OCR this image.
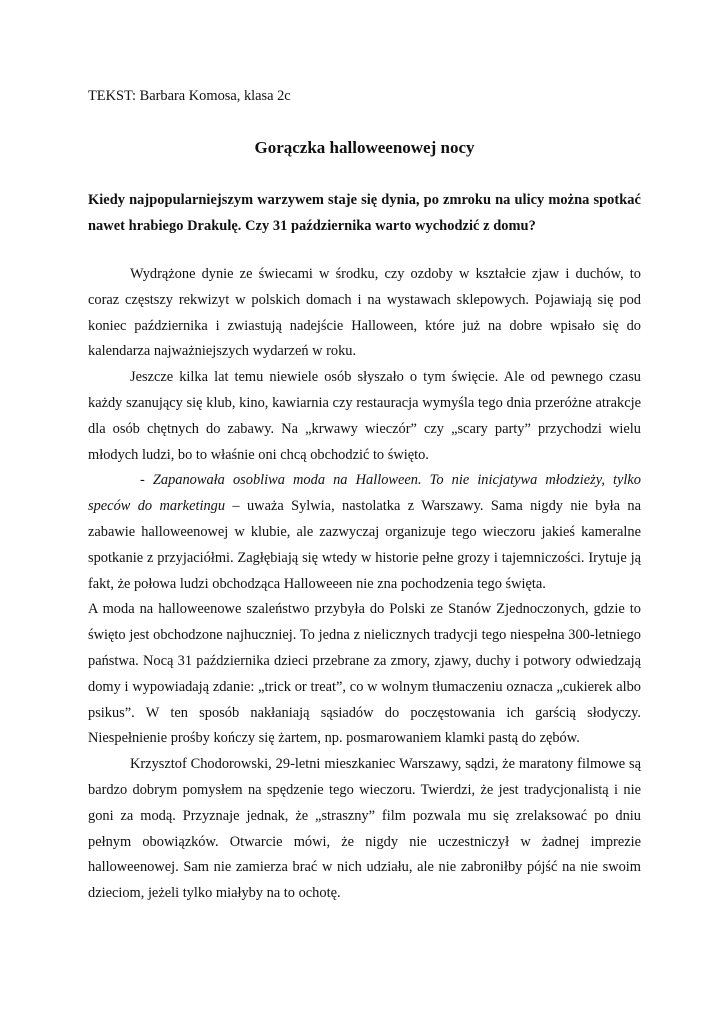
TEKST: Barbara Komosa, klasa 2c

Gorączka halloweenowej nocy

Kiedy najpopularniejszym warzywem staje się dynia, po zmroku na ulicy można spotkać nawet hrabiego Drakulę. Czy 31 października warto wychodzić z domu?

Wydrążone dynie ze świecami w środku, czy ozdoby w kształcie zjaw i duchów, to coraz częstszy rekwizyt w polskich domach i na wystawach sklepowych. Pojawiają się pod koniec października i zwiastują nadejście Halloween, które już na dobre wpisało się do kalendarza najważniejszych wydarzeń w roku.

Jeszcze kilka lat temu niewiele osób słyszało o tym święcie. Ale od pewnego czasu każdy szanujący się klub, kino, kawiarnia czy restauracja wymyśla tego dnia przeróżne atrakcje dla osób chętnych do zabawy. Na „krwawy wieczór” czy „scary party” przychodzi wielu młodych ludzi, bo to właśnie oni chcą obchodzić to święto.

- Zapanowała osobliwa moda na Halloween. To nie inicjatywa młodzieży, tylko speców do marketingu – uważa Sylwia, nastolatka z Warszawy. Sama nigdy nie była na zabawie halloweenowej w klubie, ale zazwyczaj organizuje tego wieczoru jakieś kameralne spotkanie z przyjaciółmi. Zagłębiają się wtedy w historie pełne grozy i tajemniczości. Irytuje ją fakt, że połowa ludzi obchodząca Halloweeen nie zna pochodzenia tego święta.

A moda na halloweenowe szaleństwo przybyła do Polski ze Stanów Zjednoczonych, gdzie to święto jest obchodzone najhuczniej. To jedna z nielicznych tradycji tego niespełna 300-letniego państwa. Nocą 31 października dzieci przebrane za zmory, zjawy, duchy i potwory odwiedzają domy i wypowiadają zdanie: „trick or treat”, co w wolnym tłumaczeniu oznacza „cukierek albo psikus”. W ten sposób nakłaniają sąsiadów do poczęstowania ich garścią słodyczy. Niespełnienie prośby kończy się żartem, np. posmarowaniem klamki pastą do zębów.

Krzysztof Chodorowski, 29-letni mieszkaniec Warszawy, sądzi, że maratony filmowe są bardzo dobrym pomysłem na spędzenie tego wieczoru. Twierdzi, że jest tradycjonalistą i nie goni za modą. Przyznaje jednak, że „straszny” film pozwala mu się zrelaksować po dniu pełnym obowiązków. Otwarcie mówi, że nigdy nie uczestniczył w żadnej imprezie halloweenowej. Sam nie zamierza brać w nich udziału, ale nie zabroniłby pójść na nie swoim dzieciom, jeżeli tylko miałyby na to ochotę.
